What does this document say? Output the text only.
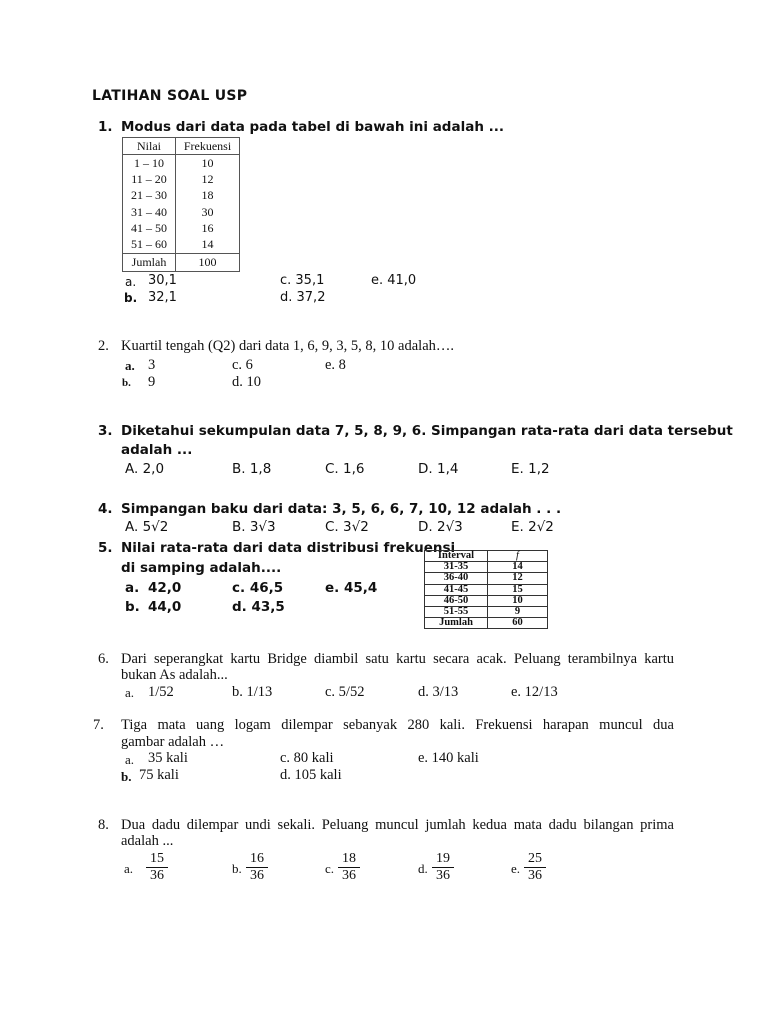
LATIHAN SOAL USP
1. Modus dari data pada tabel di bawah ini adalah ...
Nilai	Frekuensi
1 – 10	10
11 – 20	12
21 – 30	18
31 – 40	30
41 – 50	16
51 – 60	14
Jumlah	100
a. 30,1
b. 32,1
c. 35,1
d. 37,2
e. 41,0
2. Kuartil tengah (Q2) dari data 1, 6, 9, 3, 5, 8, 10 adalah….
a. 3
b. 9
c. 6
d. 10
e. 8
3. Diketahui sekumpulan data 7, 5, 8, 9, 6. Simpangan rata-rata dari data tersebut
adalah ...
A. 2,0	B. 1,8	C. 1,6	D. 1,4	E. 1,2
4. Simpangan baku dari data: 3, 5, 6, 6, 7, 10, 12 adalah . . .
A. 5√2	B. 3√3	C. 3√2	D. 2√3	E. 2√2
5. Nilai rata-rata dari data distribusi frekuensi
di samping adalah....
a. 42,0
b. 44,0
c. 46,5
d. 43,5
e. 45,4
Interval	f
31-35	14
36-40	12
41-45	15
46-50	10
51-55	9
Jumlah	60
6. Dari seperangkat kartu Bridge diambil satu kartu secara acak. Peluang terambilnya kartu
bukan As adalah...
a. 1/52	b. 1/13	c. 5/52	d. 3/13	e. 12/13
7. Tiga mata uang logam dilempar sebanyak 280 kali. Frekuensi harapan muncul dua
gambar adalah …
a. 35 kali
b. 75 kali
c. 80 kali
d. 105 kali
e. 140 kali
8. Dua dadu dilempar undi sekali. Peluang muncul jumlah kedua mata dadu bilangan prima
adalah ...
a. $\frac{15}{36}$	b. $\frac{16}{36}$	c. $\frac{18}{36}$	d. $\frac{19}{36}$	e. $\frac{25}{36}$
